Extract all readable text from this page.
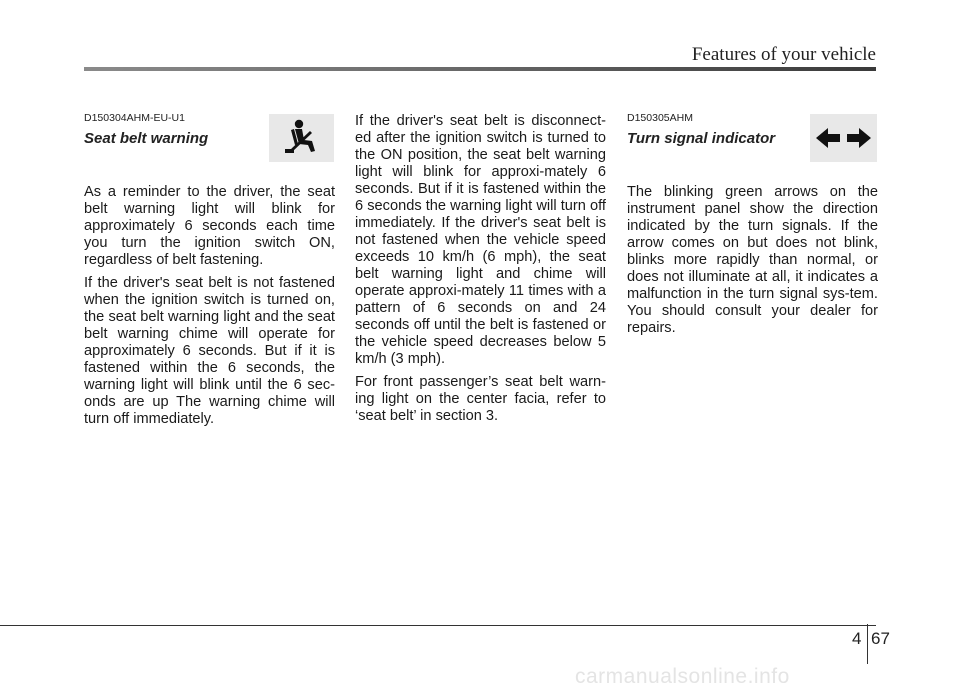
Features of your vehicle
D150304AHM-EU-U1
Seat belt warning

As a reminder to the driver, the seat belt warning light will blink for approximately 6 seconds each time you turn the ignition switch ON, regardless of belt fastening.

If the driver's seat belt is not fastened when the ignition switch is turned on, the seat belt warning light and the seat belt warning chime will operate for approximately 6 seconds. But if it is fastened within the 6 seconds, the warning light will blink until the 6 sec-onds are up The warning chime will turn off immediately.

If the driver's seat belt is disconnect-ed after the ignition switch is turned to the ON position, the seat belt warning light will blink for approxi-mately 6 seconds. But if it is fastened within the 6 seconds the warning light will turn off immediately. If the driver's seat belt is not fastened when the vehicle speed exceeds 10 km/h (6 mph), the seat belt warning light and chime will operate approxi-mately 11 times with a pattern of 6 seconds on and 24 seconds off until the belt is fastened or the vehicle speed decreases below 5 km/h (3 mph).

For front passenger’s seat belt warn-ing light on the center facia, refer to ‘seat belt’ in section 3.

D150305AHM
Turn signal indicator

The blinking green arrows on the instrument panel show the direction indicated by the turn signals. If the arrow comes on but does not blink, blinks more rapidly than normal, or does not illuminate at all, it indicates a malfunction in the turn signal sys-tem. You should consult your dealer for repairs.

4 67
carmanualsonline.info
